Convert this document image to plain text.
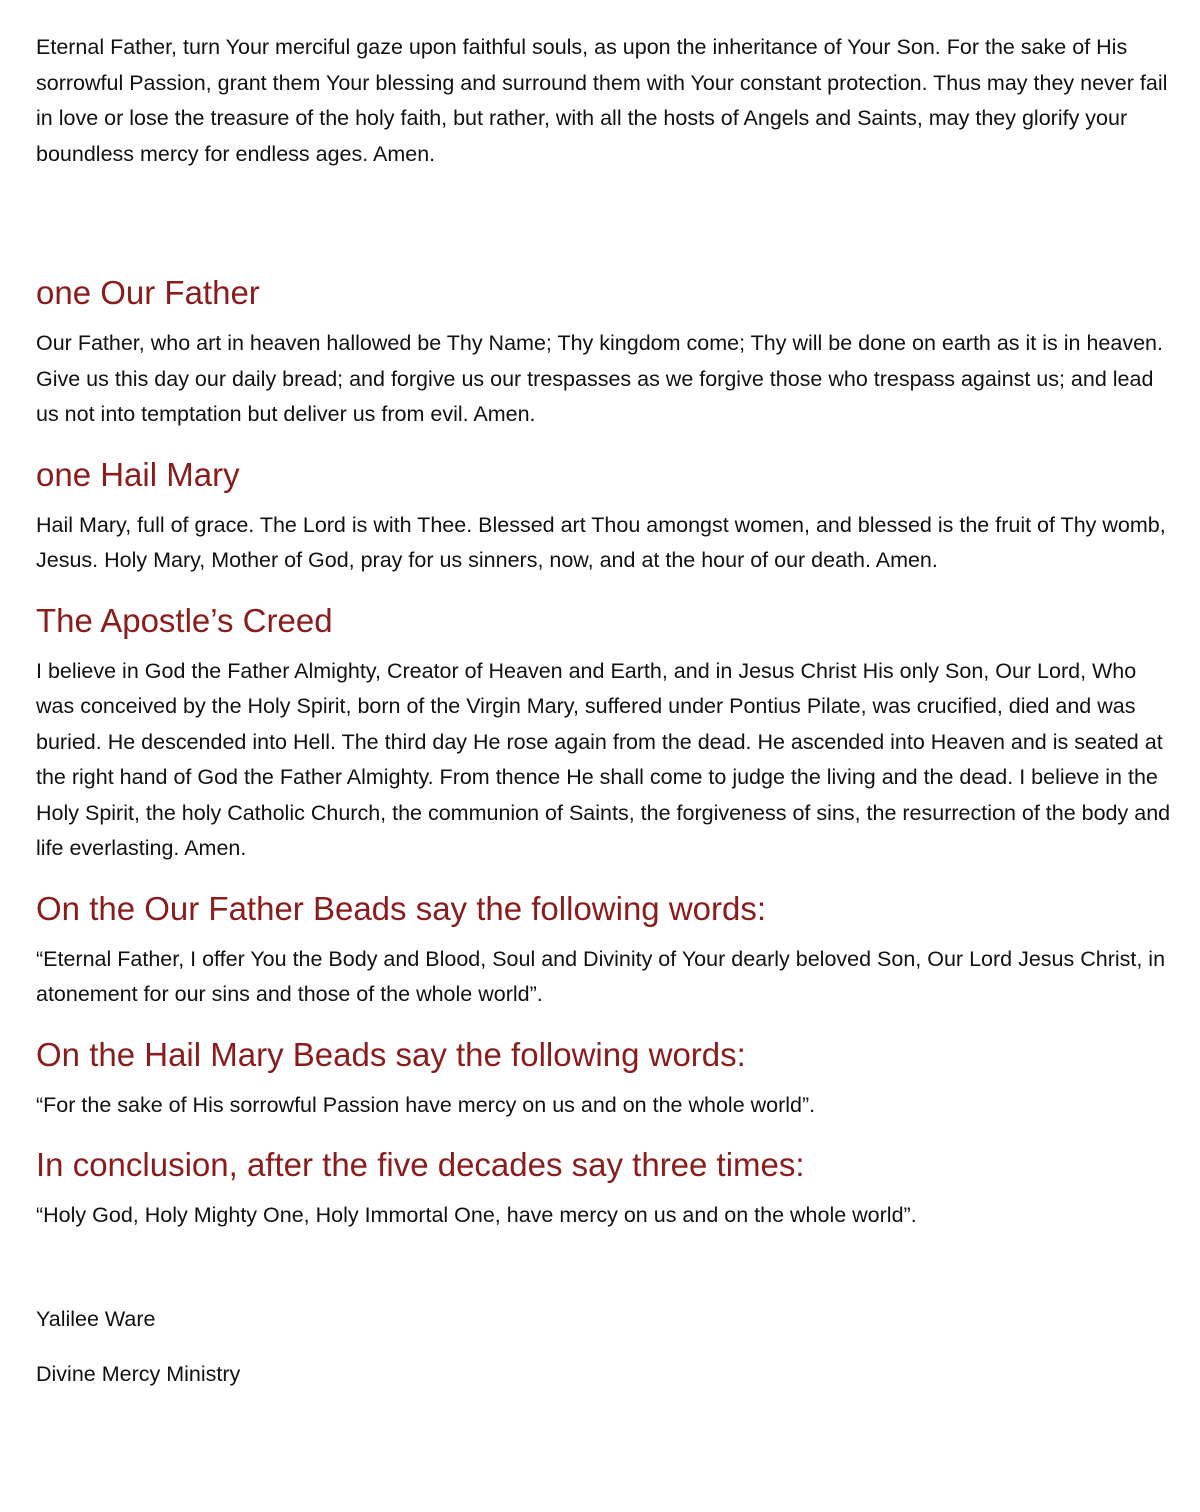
Eternal Father, turn Your merciful gaze upon faithful souls, as upon the inheritance of Your Son. For the sake of His sorrowful Passion, grant them Your blessing and surround them with Your constant protection. Thus may they never fail in love or lose the treasure of the holy faith, but rather, with all the hosts of Angels and Saints, may they glorify your boundless mercy for endless ages. Amen.

one Our Father

Our Father, who art in heaven hallowed be Thy Name; Thy kingdom come; Thy will be done on earth as it is in heaven. Give us this day our daily bread; and forgive us our trespasses as we forgive those who trespass against us; and lead us not into temptation but deliver us from evil. Amen.

one Hail Mary

Hail Mary, full of grace. The Lord is with Thee. Blessed art Thou amongst women, and blessed is the fruit of Thy womb, Jesus. Holy Mary, Mother of God, pray for us sinners, now, and at the hour of our death. Amen.

The Apostle’s Creed

I believe in God the Father Almighty, Creator of Heaven and Earth, and in Jesus Christ His only Son, Our Lord, Who was conceived by the Holy Spirit, born of the Virgin Mary, suffered under Pontius Pilate, was crucified, died and was buried. He descended into Hell. The third day He rose again from the dead. He ascended into Heaven and is seated at the right hand of God the Father Almighty. From thence He shall come to judge the living and the dead. I believe in the Holy Spirit, the holy Catholic Church, the communion of Saints, the forgiveness of sins, the resurrection of the body and life everlasting. Amen.

On the Our Father Beads say the following words:

“Eternal Father, I offer You the Body and Blood, Soul and Divinity of Your dearly beloved Son, Our Lord Jesus Christ, in atonement for our sins and those of the whole world”.

On the Hail Mary Beads say the following words:

“For the sake of His sorrowful Passion have mercy on us and on the whole world”.

In conclusion, after the five decades say three times:

“Holy God, Holy Mighty One, Holy Immortal One, have mercy on us and on the whole world”.

Yalilee Ware

Divine Mercy Ministry
